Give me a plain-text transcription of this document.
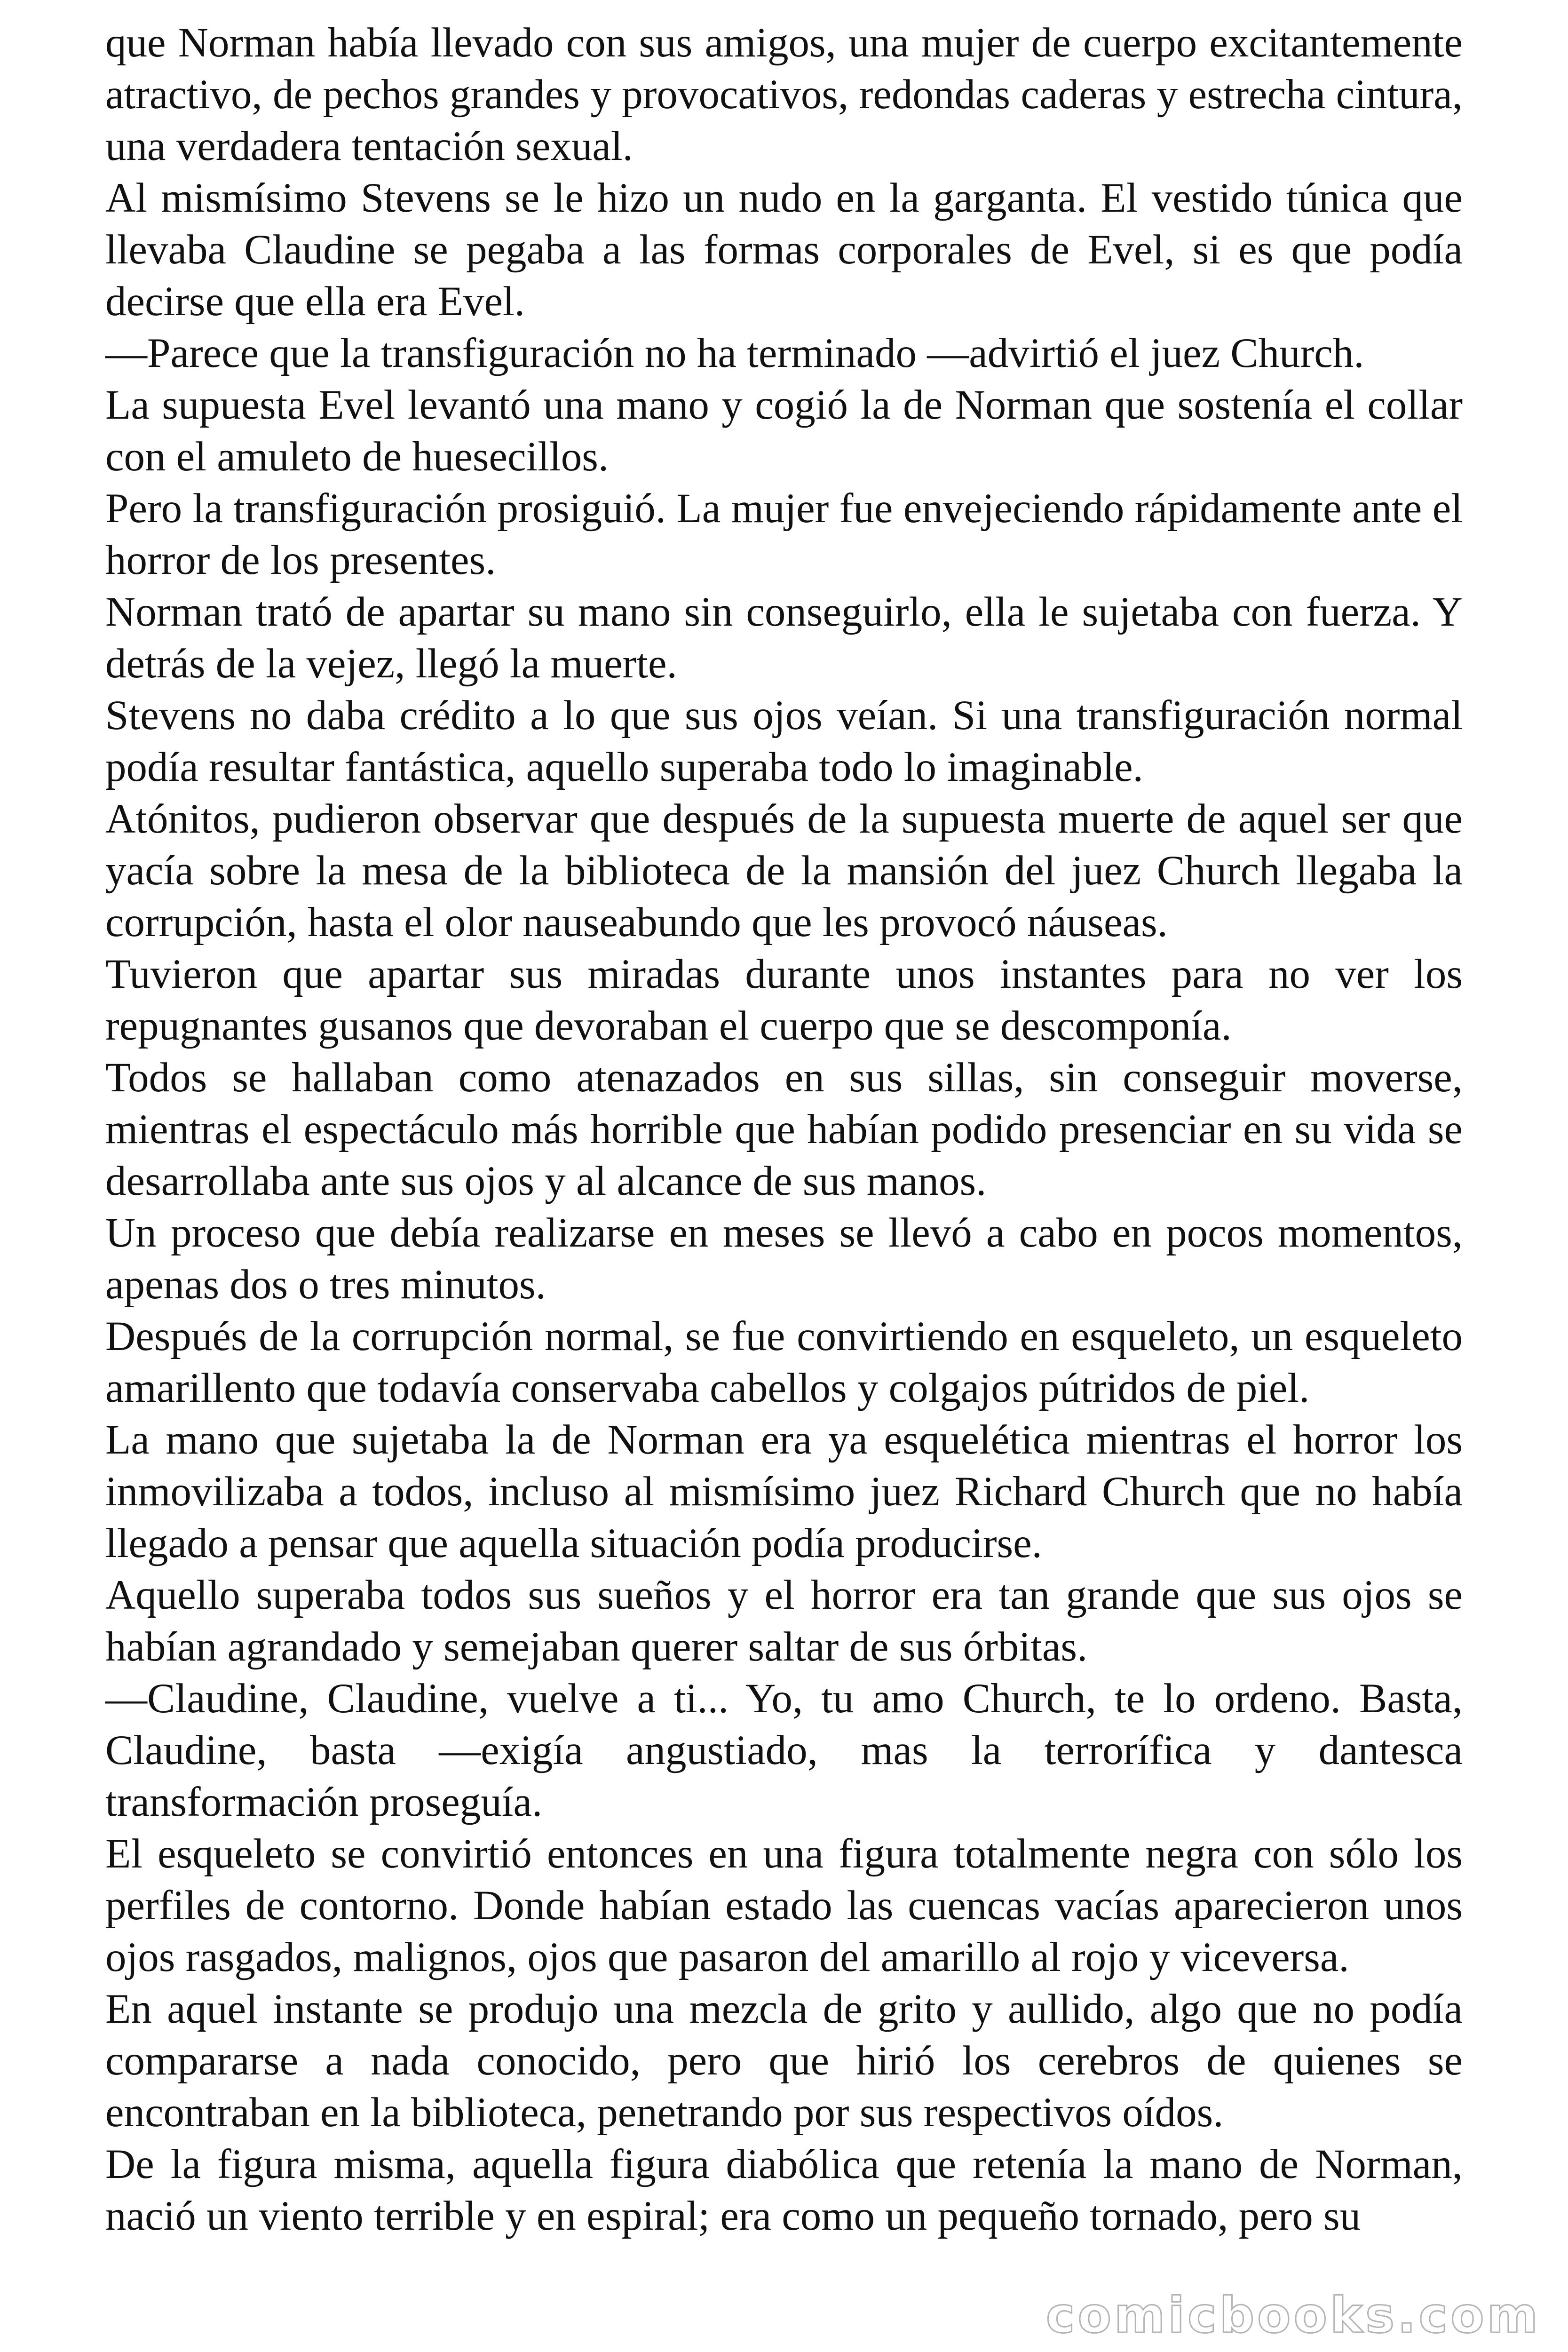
que Norman había llevado con sus amigos, una mujer de cuerpo excitantemente atractivo, de pechos grandes y provocativos, redondas caderas y estrecha cintura, una verdadera tentación sexual.

Al mismísimo Stevens se le hizo un nudo en la garganta. El vestido túnica que llevaba Claudine se pegaba a las formas corporales de Evel, si es que podía decirse que ella era Evel.

—Parece que la transfiguración no ha terminado —advirtió el juez Church.

La supuesta Evel levantó una mano y cogió la de Norman que sostenía el collar con el amuleto de huesecillos.

Pero la transfiguración prosiguió. La mujer fue envejeciendo rápidamente ante el horror de los presentes.

Norman trató de apartar su mano sin conseguirlo, ella le sujetaba con fuerza. Y detrás de la vejez, llegó la muerte.

Stevens no daba crédito a lo que sus ojos veían. Si una transfiguración normal podía resultar fantástica, aquello superaba todo lo imaginable.

Atónitos, pudieron observar que después de la supuesta muerte de aquel ser que yacía sobre la mesa de la biblioteca de la mansión del juez Church llegaba la corrupción, hasta el olor nauseabundo que les provocó náuseas.

Tuvieron que apartar sus miradas durante unos instantes para no ver los repugnantes gusanos que devoraban el cuerpo que se descomponía.

Todos se hallaban como atenazados en sus sillas, sin conseguir moverse, mientras el espectáculo más horrible que habían podido presenciar en su vida se desarrollaba ante sus ojos y al alcance de sus manos.

Un proceso que debía realizarse en meses se llevó a cabo en pocos momentos, apenas dos o tres minutos.

Después de la corrupción normal, se fue convirtiendo en esqueleto, un esqueleto amarillento que todavía conservaba cabellos y colgajos pútridos de piel.

La mano que sujetaba la de Norman era ya esquelética mientras el horror los inmovilizaba a todos, incluso al mismísimo juez Richard Church que no había llegado a pensar que aquella situación podía producirse.

Aquello superaba todos sus sueños y el horror era tan grande que sus ojos se habían agrandado y semejaban querer saltar de sus órbitas.

—Claudine, Claudine, vuelve a ti... Yo, tu amo Church, te lo ordeno. Basta, Claudine, basta —exigía angustiado, mas la terrorífica y dantesca transformación proseguía.

El esqueleto se convirtió entonces en una figura totalmente negra con sólo los perfiles de contorno. Donde habían estado las cuencas vacías aparecieron unos ojos rasgados, malignos, ojos que pasaron del amarillo al rojo y viceversa.

En aquel instante se produjo una mezcla de grito y aullido, algo que no podía compararse a nada conocido, pero que hirió los cerebros de quienes se encontraban en la biblioteca, penetrando por sus respectivos oídos.

De la figura misma, aquella figura diabólica que retenía la mano de Norman, nació un viento terrible y en espiral; era como un pequeño tornado, pero su

comicbooks.com
